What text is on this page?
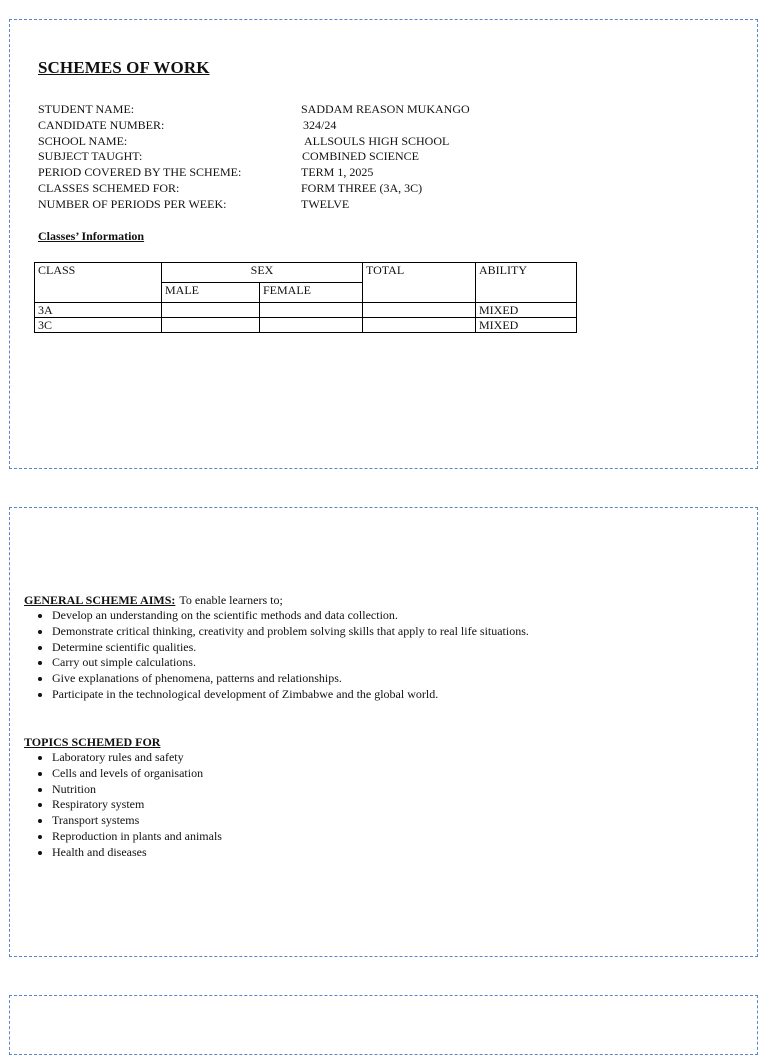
SCHEMES OF WORK
STUDENT NAME:	SADDAM REASON MUKANGO
CANDIDATE NUMBER:	324/24
SCHOOL NAME:	ALLSOULS HIGH SCHOOL
SUBJECT TAUGHT:	COMBINED SCIENCE
PERIOD COVERED BY THE SCHEME:	TERM 1, 2025
CLASSES SCHEMED FOR:	FORM THREE (3A, 3C)
NUMBER OF PERIODS PER WEEK:	TWELVE
Classes’ Information
CLASS	SEX		TOTAL	ABILITY
	MALE	FEMALE		
3A				MIXED
3C				MIXED
GENERAL SCHEME AIMS: To enable learners to;
• Develop an understanding on the scientific methods and data collection.
• Demonstrate critical thinking, creativity and problem solving skills that apply to real life situations.
• Determine scientific qualities.
• Carry out simple calculations.
• Give explanations of phenomena, patterns and relationships.
• Participate in the technological development of Zimbabwe and the global world.
TOPICS SCHEMED FOR
• Laboratory rules and safety
• Cells and levels of organisation
• Nutrition
• Respiratory system
• Transport systems
• Reproduction in plants and animals
• Health and diseases
